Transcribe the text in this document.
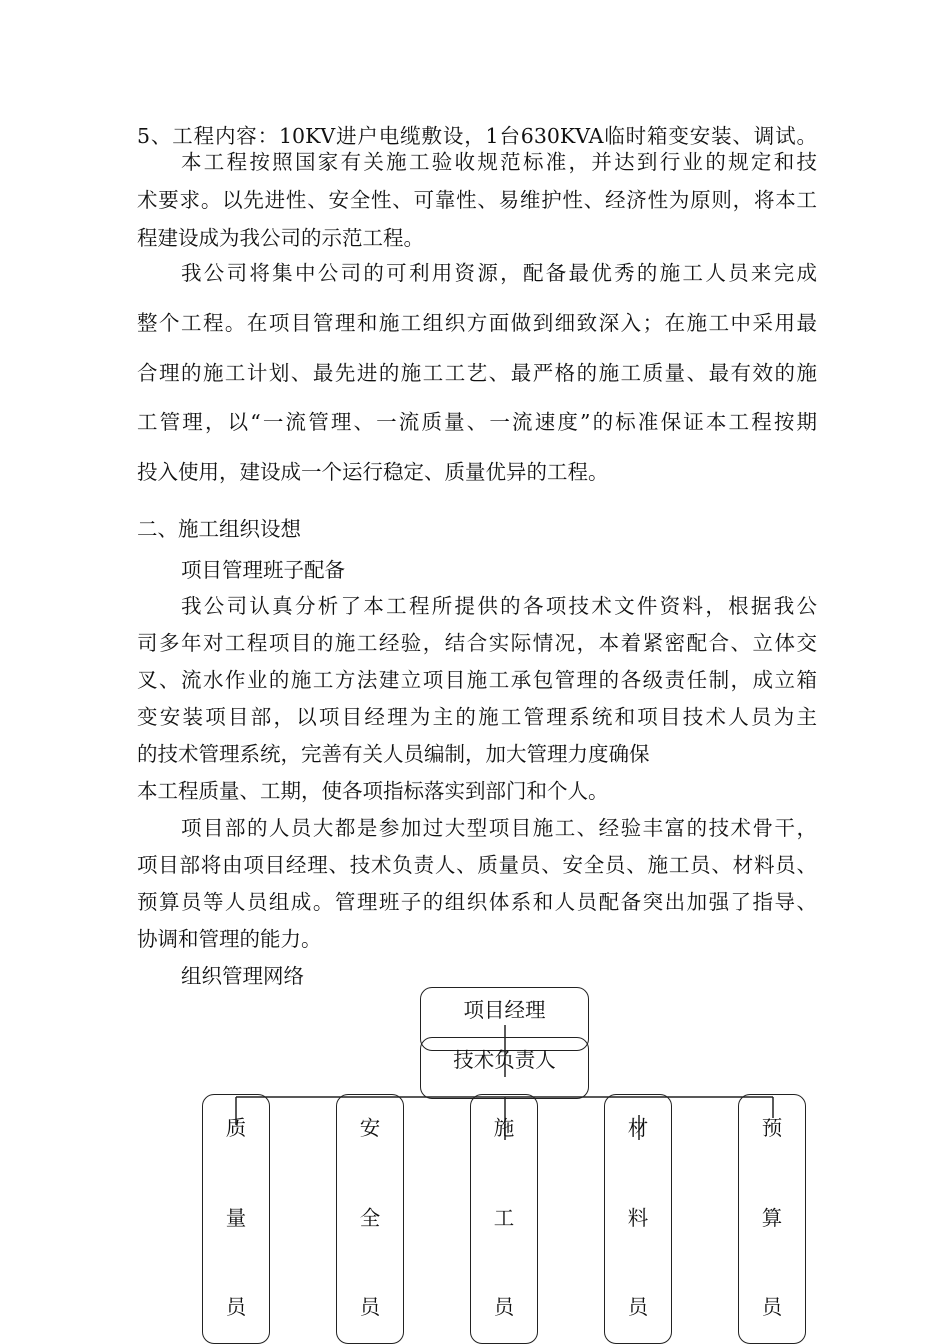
5、工程内容：10KV进户电缆敷设，1台630KVA临时箱变安装、调试。

本工程按照国家有关施工验收规范标准，并达到行业的规定和技

术要求。以先进性、安全性、可靠性、易维护性、经济性为原则，将本工

程建设成为我公司的示范工程。

我公司将集中公司的可利用资源，配备最优秀的施工人员来完成

整个工程。在项目管理和施工组织方面做到细致深入；在施工中采用最

合理的施工计划、最先进的施工工艺、最严格的施工质量、最有效的施

工管理，以“一流管理、一流质量、一流速度”的标准保证本工程按期

投入使用，建设成一个运行稳定、质量优异的工程。

二、施工组织设想

项目管理班子配备

我公司认真分析了本工程所提供的各项技术文件资料，根据我公

司多年对工程项目的施工经验，结合实际情况，本着紧密配合、立体交

叉、流水作业的施工方法建立项目施工承包管理的各级责任制，成立箱

变安装项目部，以项目经理为主的施工管理系统和项目技术人员为主

的技术管理系统，完善有关人员编制，加大管理力度确保

本工程质量、工期，使各项指标落实到部门和个人。

项目部的人员大都是参加过大型项目施工、经验丰富的技术骨干，

项目部将由项目经理、技术负责人、质量员、安全员、施工员、材料员、

预算员等人员组成。管理班子的组织体系和人员配备突出加强了指导、

协调和管理的能力。

组织管理网络

项目经理
技术负责人
质
量
员
安
全
员
施
工
员
材
料
员
预
算
员
